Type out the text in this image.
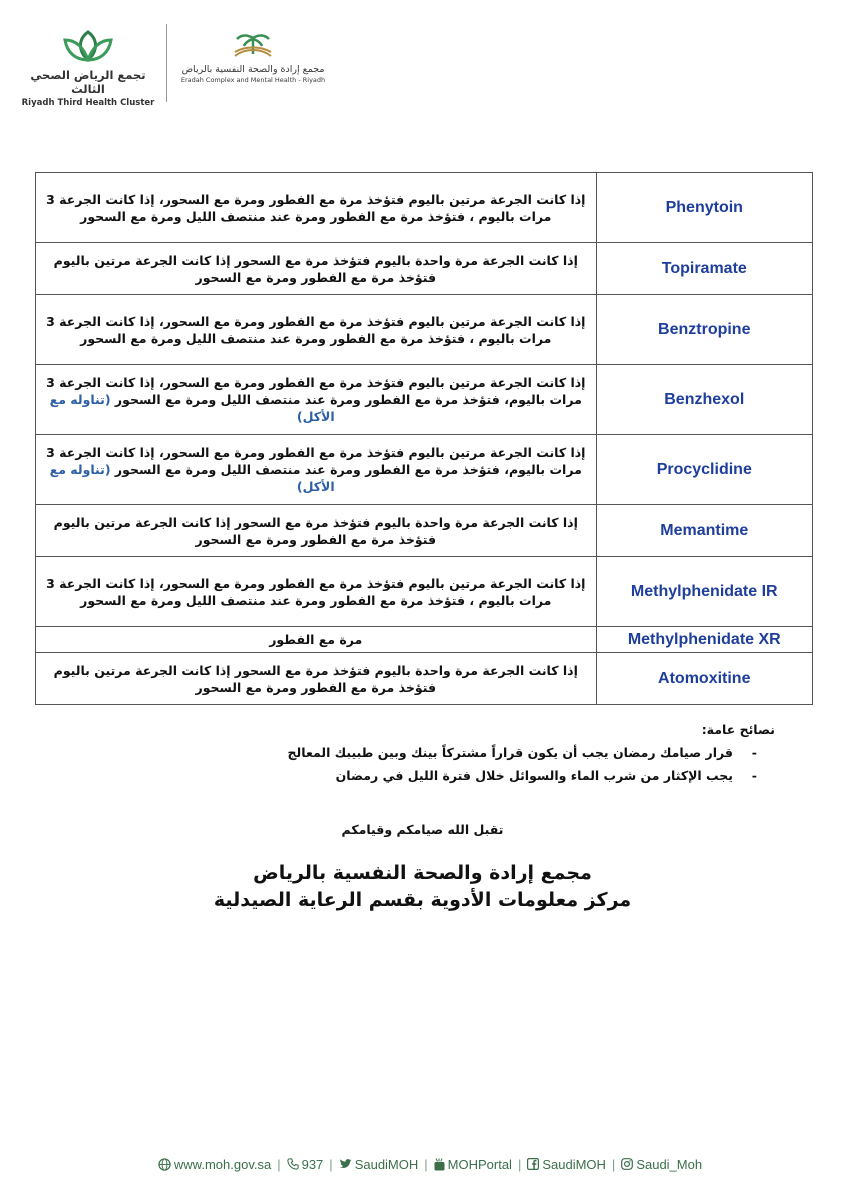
تجمع الرياض الصحي الثالث
Riyadh Third Health Cluster
مجمع إرادة والصحة النفسية بالرياض
Eradah Complex and Mental Health - Riyadh
إذا كانت الجرعة مرتين باليوم فتؤخذ مرة مع الفطور ومرة مع السحور، إذا كانت الجرعة 3 مرات باليوم ، فتؤخذ مرة مع الفطور ومرة عند منتصف الليل ومرة مع السحور	Phenytoin
إذا كانت الجرعة مرة واحدة باليوم فتؤخذ مرة مع السحور إذا كانت الجرعة مرتين باليوم فتؤخذ مرة مع الفطور ومرة مع السحور	Topiramate
إذا كانت الجرعة مرتين باليوم فتؤخذ مرة مع الفطور ومرة مع السحور، إذا كانت الجرعة 3 مرات باليوم ، فتؤخذ مرة مع الفطور ومرة عند منتصف الليل ومرة مع السحور	Benztropine
إذا كانت الجرعة مرتين باليوم فتؤخذ مرة مع الفطور ومرة مع السحور، إذا كانت الجرعة 3 مرات باليوم، فتؤخذ مرة مع الفطور ومرة عند منتصف الليل ومرة مع السحور (تناوله مع الأكل)	Benzhexol
إذا كانت الجرعة مرتين باليوم فتؤخذ مرة مع الفطور ومرة مع السحور، إذا كانت الجرعة 3 مرات باليوم، فتؤخذ مرة مع الفطور ومرة عند منتصف الليل ومرة مع السحور (تناوله مع الأكل)	Procyclidine
إذا كانت الجرعة مرة واحدة باليوم فتؤخذ مرة مع السحور إذا كانت الجرعة مرتين باليوم فتؤخذ مرة مع الفطور ومرة مع السحور	Memantime
إذا كانت الجرعة مرتين باليوم فتؤخذ مرة مع الفطور ومرة مع السحور، إذا كانت الجرعة 3 مرات باليوم ، فتؤخذ مرة مع الفطور ومرة عند منتصف الليل ومرة مع السحور	Methylphenidate IR
مرة مع الفطور	Methylphenidate XR
إذا كانت الجرعة مرة واحدة باليوم فتؤخذ مرة مع السحور إذا كانت الجرعة مرتين باليوم فتؤخذ مرة مع الفطور ومرة مع السحور	Atomoxitine
نصائح عامة:
-
قرار صيامك رمضان يجب أن يكون قراراً مشتركاً بينك وبين طبيبك المعالج
-
يجب الإكثار من شرب الماء والسوائل خلال فترة الليل في رمضان
تقبل الله صيامكم وقيامكم
مجمع إرادة والصحة النفسية بالرياض
مركز معلومات الأدوية بقسم الرعاية الصيدلية
www.moh.gov.sa | 937 | SaudiMOH | MOHPortal | SaudiMOH | Saudi_Moh
